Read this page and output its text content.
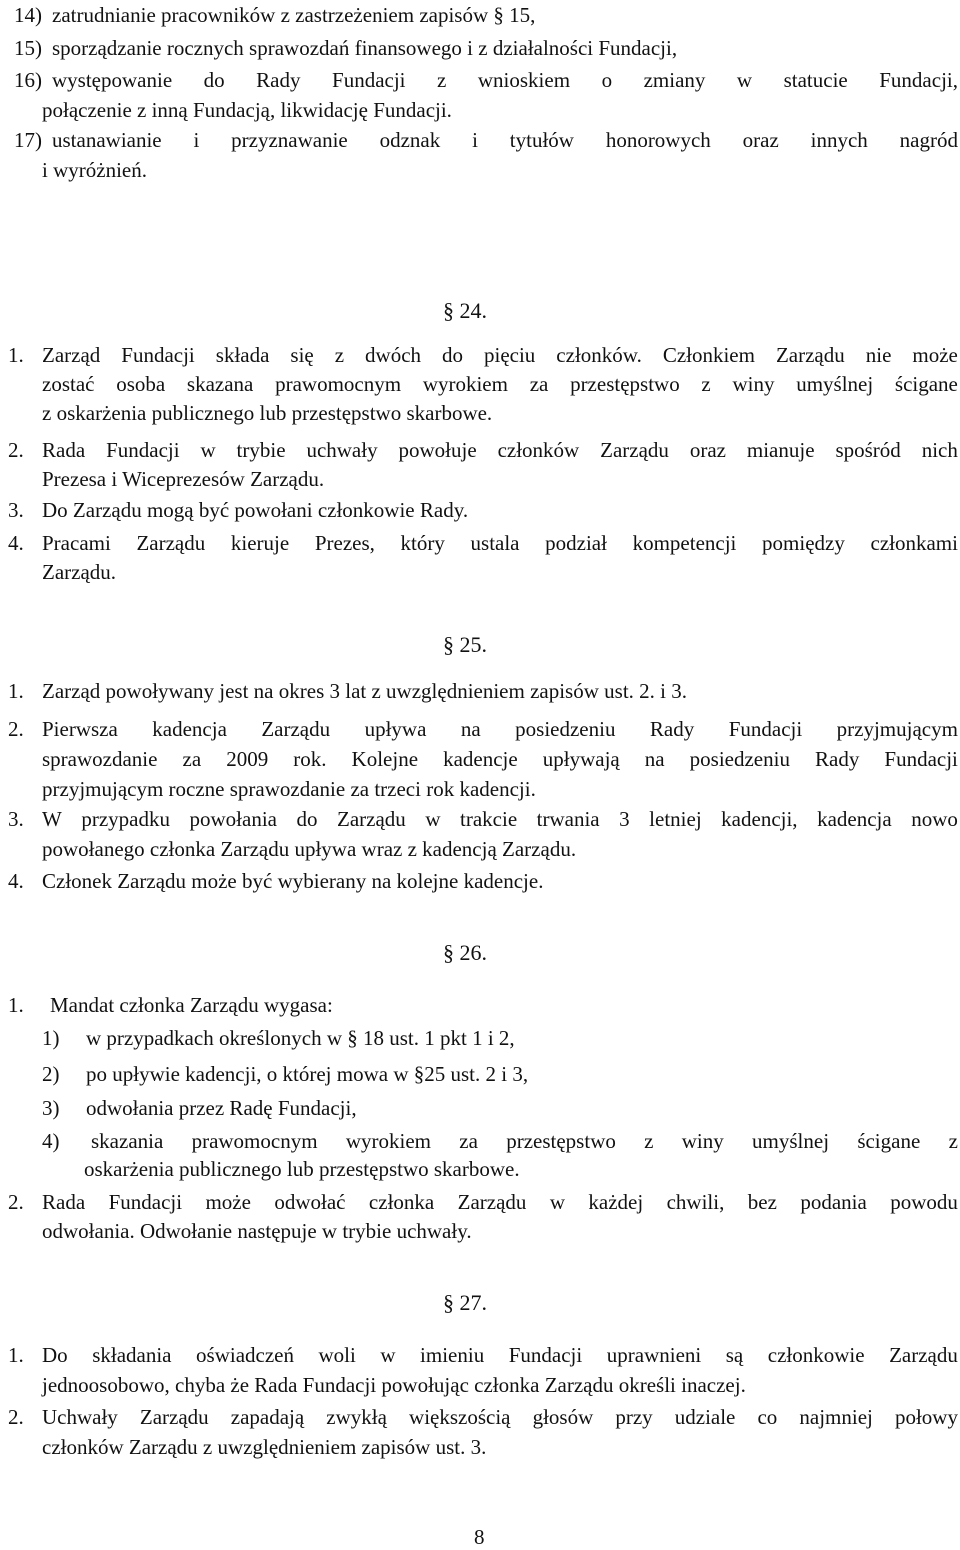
14) zatrudnianie pracowników z zastrzeżeniem zapisów § 15,
15) sporządzanie rocznych sprawozdań finansowego i z działalności Fundacji,
16) występowanie do Rady Fundacji z wnioskiem o zmiany w statucie Fundacji,
połączenie z inną Fundacją, likwidację Fundacji.
17) ustanawianie i przyznawanie odznak i tytułów honorowych oraz innych nagród
i wyróżnień.
§ 24.
1. Zarząd Fundacji składa się z dwóch do pięciu członków. Członkiem Zarządu nie może
zostać osoba skazana prawomocnym wyrokiem za przestępstwo z winy umyślnej ścigane
z oskarżenia publicznego lub przestępstwo skarbowe.
2. Rada Fundacji w trybie uchwały powołuje członków Zarządu oraz mianuje spośród nich
Prezesa i Wiceprezesów Zarządu.
3. Do Zarządu mogą być powołani członkowie Rady.
4. Pracami Zarządu kieruje Prezes, który ustala podział kompetencji pomiędzy członkami
Zarządu.
§ 25.
1. Zarząd powoływany jest na okres 3 lat z uwzględnieniem zapisów ust. 2. i 3.
2. Pierwsza kadencja Zarządu upływa na posiedzeniu Rady Fundacji przyjmującym
sprawozdanie za 2009 rok. Kolejne kadencje upływają na posiedzeniu Rady Fundacji
przyjmującym roczne sprawozdanie za trzeci rok kadencji.
3. W przypadku powołania do Zarządu w trakcie trwania 3 letniej kadencji, kadencja nowo
powołanego członka Zarządu upływa wraz z kadencją Zarządu.
4. Członek Zarządu może być wybierany na kolejne kadencje.
§ 26.
1. Mandat członka Zarządu wygasa:
1) w przypadkach określonych w § 18 ust. 1 pkt 1 i 2,
2) po upływie kadencji, o której mowa w §25 ust. 2 i 3,
3) odwołania przez Radę Fundacji,
4) skazania prawomocnym wyrokiem za przestępstwo z winy umyślnej ścigane z
oskarżenia publicznego lub przestępstwo skarbowe.
2. Rada Fundacji może odwołać członka Zarządu w każdej chwili, bez podania powodu
odwołania. Odwołanie następuje w trybie uchwały.
§ 27.
1. Do składania oświadczeń woli w imieniu Fundacji uprawnieni są członkowie Zarządu
jednoosobowo, chyba że Rada Fundacji powołując członka Zarządu określi inaczej.
2. Uchwały Zarządu zapadają zwykłą większością głosów przy udziale co najmniej połowy
członków Zarządu z uwzględnieniem zapisów ust. 3.
8
